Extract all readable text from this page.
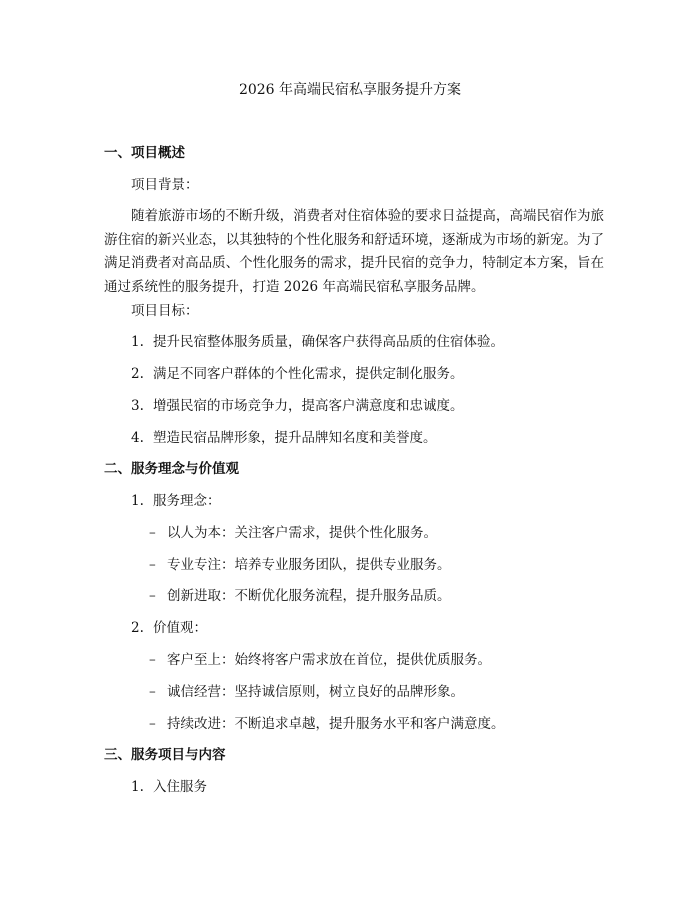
2026 年高端民宿私享服务提升方案
一、项目概述
项目背景：
随着旅游市场的不断升级，消费者对住宿体验的要求日益提高，高端民宿作为旅游住宿的新兴业态，以其独特的个性化服务和舒适环境，逐渐成为市场的新宠。为了满足消费者对高品质、个性化服务的需求，提升民宿的竞争力，特制定本方案，旨在通过系统性的服务提升，打造 2026 年高端民宿私享服务品牌。
项目目标：
1. 提升民宿整体服务质量，确保客户获得高品质的住宿体验。
2. 满足不同客户群体的个性化需求，提供定制化服务。
3. 增强民宿的市场竞争力，提高客户满意度和忠诚度。
4. 塑造民宿品牌形象，提升品牌知名度和美誉度。
二、服务理念与价值观
1. 服务理念：
– 以人为本：关注客户需求，提供个性化服务。
– 专业专注：培养专业服务团队，提供专业服务。
– 创新进取：不断优化服务流程，提升服务品质。
2. 价值观：
– 客户至上：始终将客户需求放在首位，提供优质服务。
– 诚信经营：坚持诚信原则，树立良好的品牌形象。
– 持续改进：不断追求卓越，提升服务水平和客户满意度。
三、服务项目与内容
1. 入住服务
